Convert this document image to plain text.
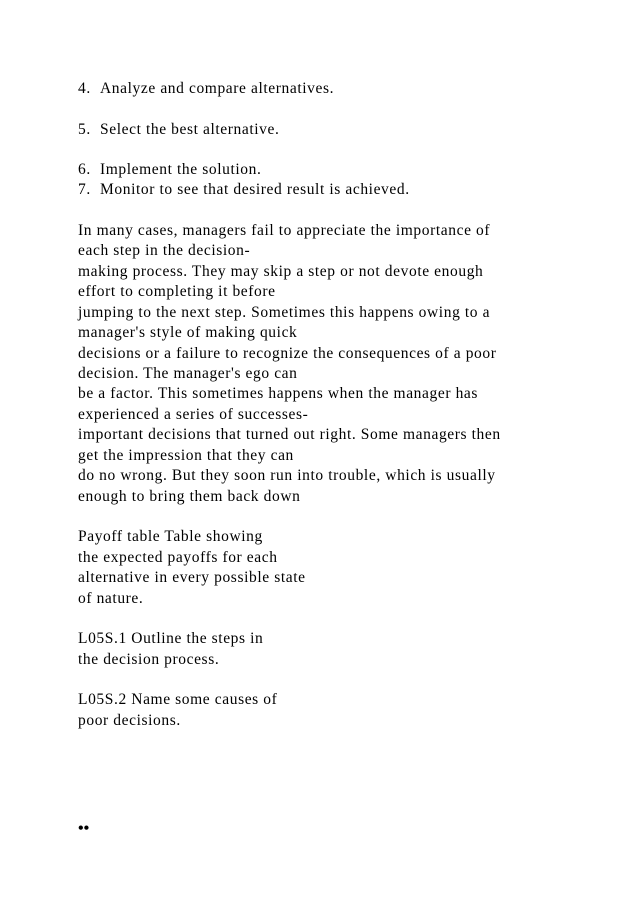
4. Analyze and compare alternatives.
5. Select the best alternative.
6. Implement the solution.
7. Monitor to see that desired result is achieved.
In many cases, managers fail to appreciate the importance of
each step in the decision-
making process. They may skip a step or not devote enough
effort to completing it before
jumping to the next step. Sometimes this happens owing to a
manager's style of making quick
decisions or a failure to recognize the consequences of a poor
decision. The manager's ego can
be a factor. This sometimes happens when the manager has
experienced a series of successes-
important decisions that turned out right. Some managers then
get the impression that they can
do no wrong. But they soon run into trouble, which is usually
enough to bring them back down
Payoff table Table showing
the expected payoffs for each
alternative in every possible state
of nature.
L05S.1 Outline the steps in
the decision process.
L05S.2 Name some causes of
poor decisions.
••
